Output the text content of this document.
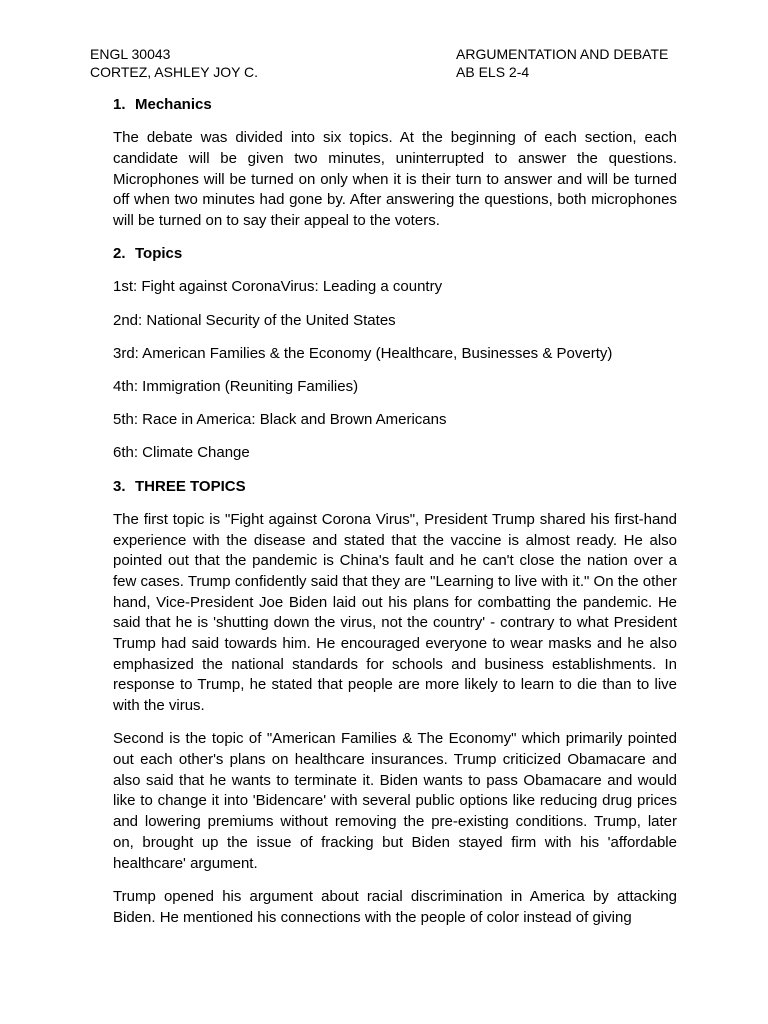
ENGL 30043
CORTEZ, ASHLEY JOY C.
ARGUMENTATION AND DEBATE
AB ELS 2-4
1. Mechanics

The debate was divided into six topics. At the beginning of each section, each candidate will be given two minutes, uninterrupted to answer the questions. Microphones will be turned on only when it is their turn to answer and will be turned off when two minutes had gone by. After answering the questions, both microphones will be turned on to say their appeal to the voters.

2. Topics
1st: Fight against CoronaVirus: Leading a country
2nd: National Security of the United States
3rd: American Families & the Economy (Healthcare, Businesses & Poverty)
4th: Immigration (Reuniting Families)
5th: Race in America: Black and Brown Americans
6th: Climate Change
3. THREE TOPICS

The first topic is "Fight against Corona Virus", President Trump shared his first-hand experience with the disease and stated that the vaccine is almost ready. He also pointed out that the pandemic is China's fault and he can't close the nation over a few cases. Trump confidently said that they are "Learning to live with it." On the other hand, Vice-President Joe Biden laid out his plans for combatting the pandemic. He said that he is 'shutting down the virus, not the country' - contrary to what President Trump had said towards him. He encouraged everyone to wear masks and he also emphasized the national standards for schools and business establishments. In response to Trump, he stated that people are more likely to learn to die than to live with the virus.

Second is the topic of "American Families & The Economy" which primarily pointed out each other's plans on healthcare insurances. Trump criticized Obamacare and also said that he wants to terminate it. Biden wants to pass Obamacare and would like to change it into 'Bidencare' with several public options like reducing drug prices and lowering premiums without removing the pre-existing conditions. Trump, later on, brought up the issue of fracking but Biden stayed firm with his 'affordable healthcare' argument.

Trump opened his argument about racial discrimination in America by attacking Biden. He mentioned his connections with the people of color instead of giving
